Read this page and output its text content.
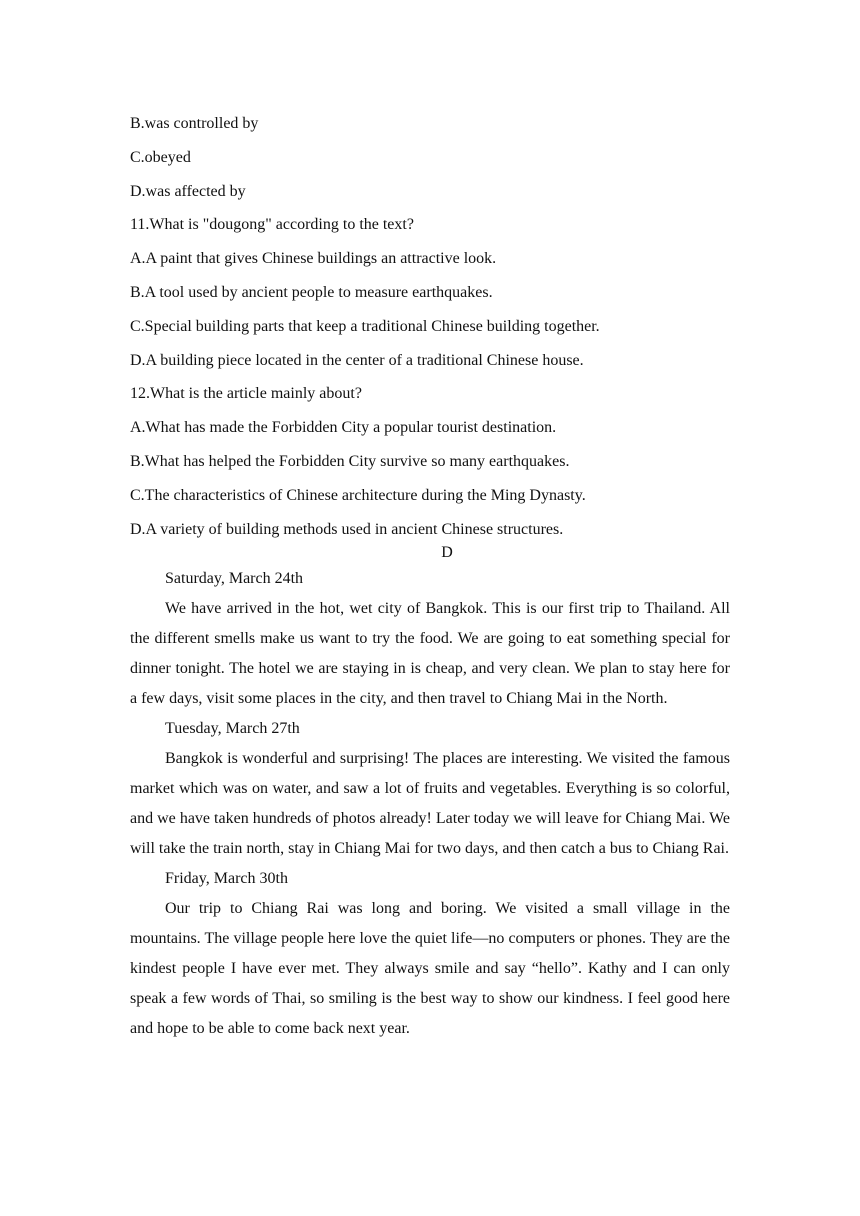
B.was controlled by

C.obeyed

D.was affected by

11.What is "dougong" according to the text?

A.A paint that gives Chinese buildings an attractive look.

B.A tool used by ancient people to measure earthquakes.

C.Special building parts that keep a traditional Chinese building together.

D.A building piece located in the center of a traditional Chinese house.

12.What is the article mainly about?

A.What has made the Forbidden City a popular tourist destination.

B.What has helped the Forbidden City survive so many earthquakes.

C.The characteristics of Chinese architecture during the Ming Dynasty.

D.A variety of building methods used in ancient Chinese structures.

D

Saturday, March 24th

We have arrived in the hot, wet city of Bangkok. This is our first trip to Thailand. All the different smells make us want to try the food. We are going to eat something special for dinner tonight. The hotel we are staying in is cheap, and very clean. We plan to stay here for a few days, visit some places in the city, and then travel to Chiang Mai in the North.

Tuesday, March 27th

Bangkok is wonderful and surprising! The places are interesting. We visited the famous market which was on water, and saw a lot of fruits and vegetables. Everything is so colorful, and we have taken hundreds of photos already! Later today we will leave for Chiang Mai. We will take the train north, stay in Chiang Mai for two days, and then catch a bus to Chiang Rai.

Friday, March 30th

Our trip to Chiang Rai was long and boring. We visited a small village in the mountains. The village people here love the quiet life—no computers or phones. They are the kindest people I have ever met. They always smile and say “hello”. Kathy and I can only speak a few words of Thai, so smiling is the best way to show our kindness. I feel good here and hope to be able to come back next year.
